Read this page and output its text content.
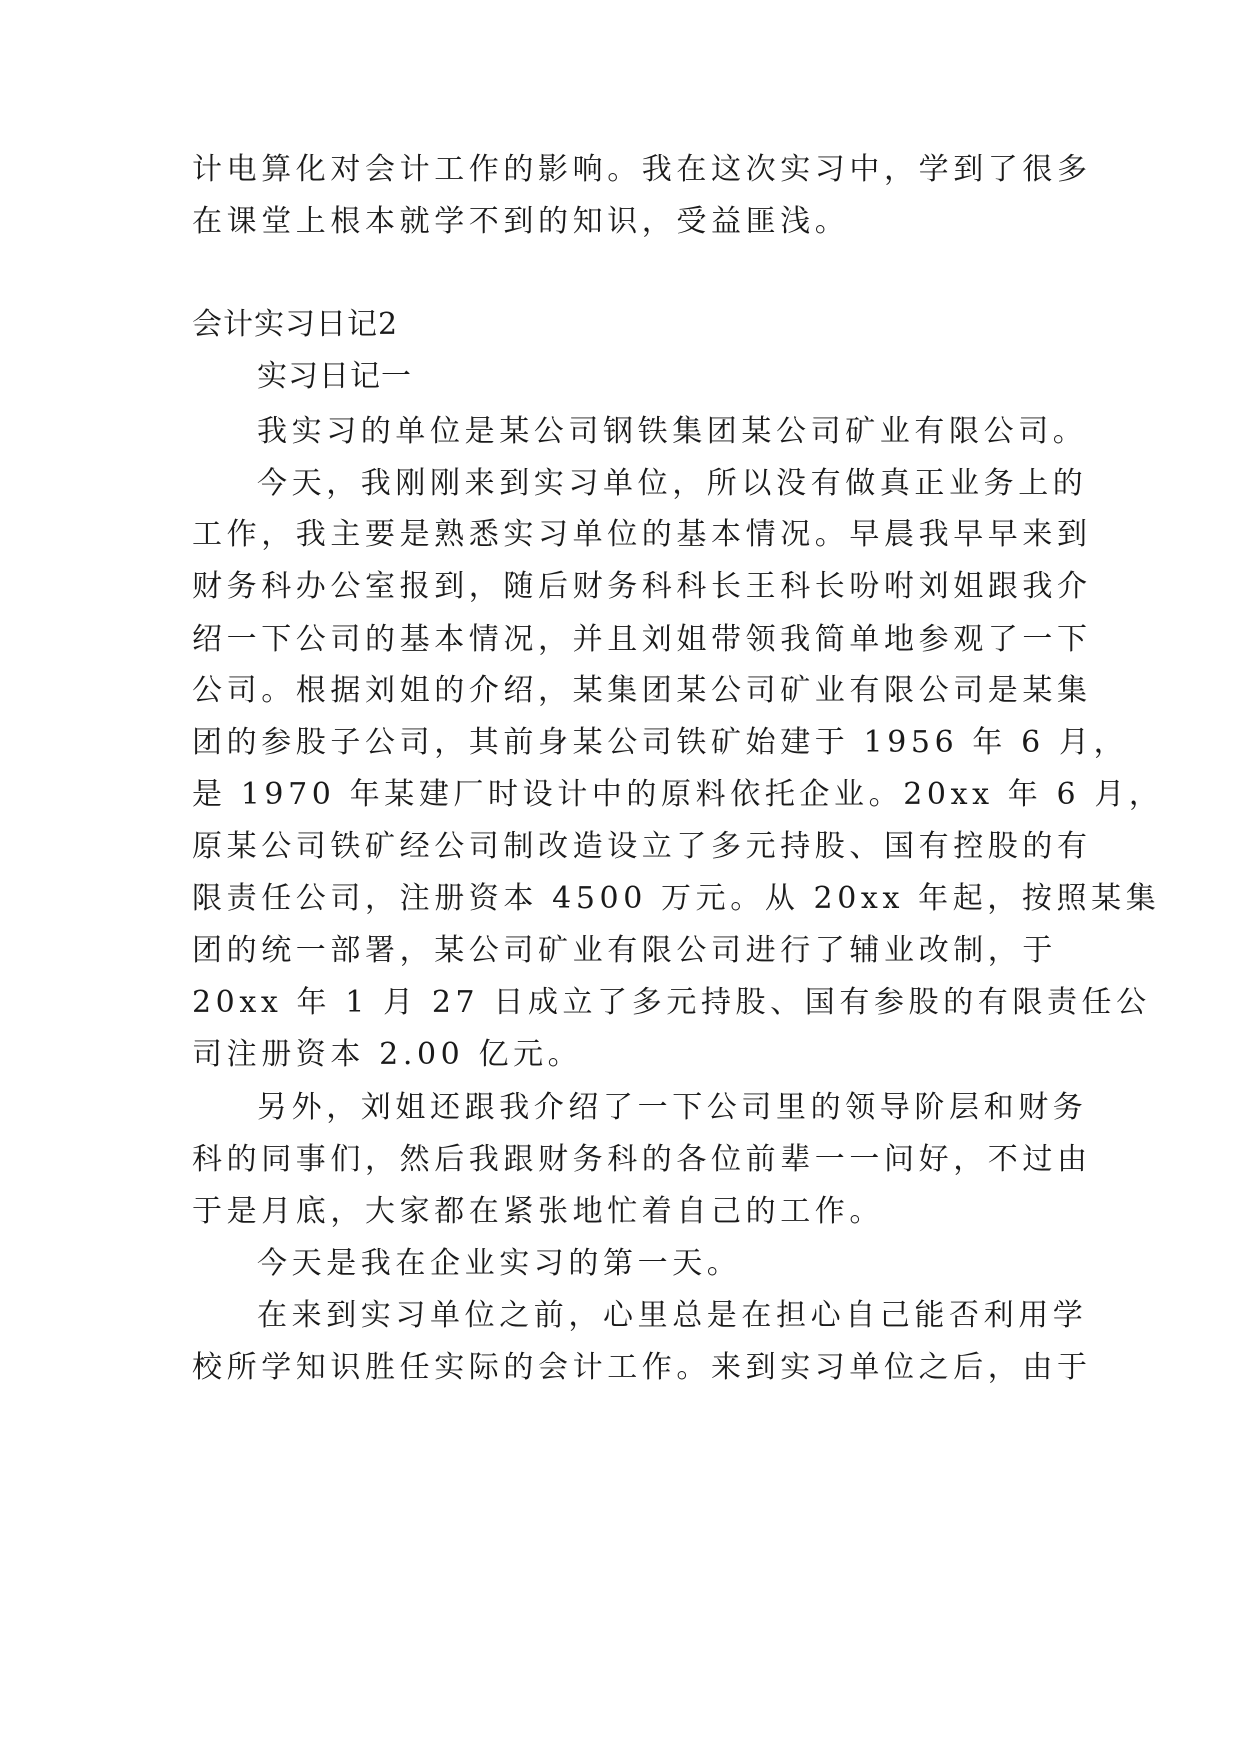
计电算化对会计工作的影响。我在这次实习中，学到了很多
在课堂上根本就学不到的知识，受益匪浅。
会计实习日记2
实习日记一
我实习的单位是某公司钢铁集团某公司矿业有限公司。
今天，我刚刚来到实习单位，所以没有做真正业务上的
工作，我主要是熟悉实习单位的基本情况。早晨我早早来到
财务科办公室报到，随后财务科科长王科长吩咐刘姐跟我介
绍一下公司的基本情况，并且刘姐带领我简单地参观了一下
公司。根据刘姐的介绍，某集团某公司矿业有限公司是某集
团的参股子公司，其前身某公司铁矿始建于 1956 年 6 月，
是 1970 年某建厂时设计中的原料依托企业。20xx 年 6 月，
原某公司铁矿经公司制改造设立了多元持股、国有控股的有
限责任公司，注册资本 4500 万元。从 20xx 年起，按照某集
团的统一部署，某公司矿业有限公司进行了辅业改制，于
20xx 年 1 月 27 日成立了多元持股、国有参股的有限责任公
司注册资本 2.00 亿元。
另外，刘姐还跟我介绍了一下公司里的领导阶层和财务
科的同事们，然后我跟财务科的各位前辈一一问好，不过由
于是月底，大家都在紧张地忙着自己的工作。
今天是我在企业实习的第一天。
在来到实习单位之前，心里总是在担心自己能否利用学
校所学知识胜任实际的会计工作。来到实习单位之后，由于
